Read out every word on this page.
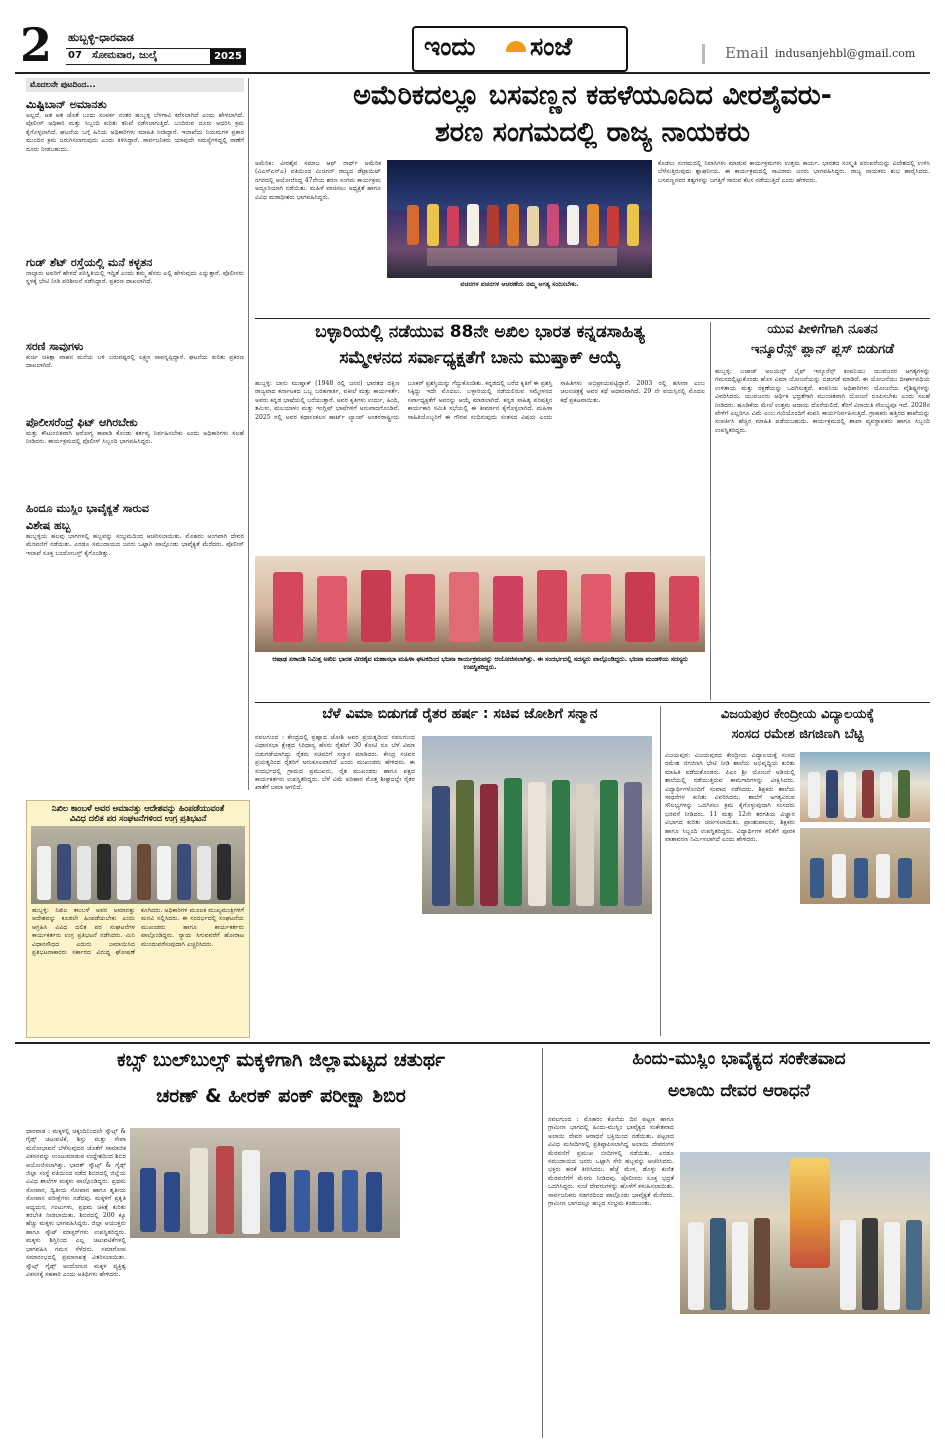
2 ಹುಬ್ಬಳ್ಳಿ-ಧಾರವಾಡ
07 ಸೋಮವಾರ, ಜುಲೈ	2025	ಇಂದು ಸಂಜೆ	Email indusanjehbl@gmail.com
ಮೊದಲನೇ ಪುಟದಿಂದ...
ಮಿಷ್ಟಿಬಾನ್ ಅಮಾನತು
ಅಲ್ಲದೆ, ಆತ ಆತ ಜೊತೆ ಬಂದು ಸಂಪರ್ಕ ನಂತರ ಹುಬ್ಬಳ್ಳಿ ಬೆಳಗಾವಿ ಕರೆಸಲಾಗಿದೆ ಎಂದು ಹೇಳಲಾಗಿದೆ. ಪೊಲೀಸ್ ಅಧಿಕಾರಿ ಮತ್ತು ಸಿಬ್ಬಂದಿ ಕುರಿತು ತನಿಖೆ ನಡೆಸಲಾಗುತ್ತಿದೆ. ಬಂದಿರುವ ದೂರು ಆಧರಿಸಿ ಕ್ರಮ ಕೈಗೊಳ್ಳಲಾಗಿದೆ. ಘಟನೆಯ ಬಗ್ಗೆ ಹಿರಿಯ ಅಧಿಕಾರಿಗಳು ಮಾಹಿತಿ ನೀಡಿದ್ದಾರೆ. ಇಲಾಖೆಯ ನಿಯಮಗಳ ಪ್ರಕಾರ ಮುಂದಿನ ಕ್ರಮ ಜರುಗಿಸಲಾಗುವುದು ಎಂದು ತಿಳಿಸಿದ್ದಾರೆ. ಸಾರ್ವಜನಿಕರು ಯಾವುದೇ ಸಮಸ್ಯೆಗಳಿದ್ದಲ್ಲಿ ಠಾಣೆಗೆ ದೂರು ನೀಡಬಹುದು.
ಗುಡ್ ಶೆಟ್ ರಸ್ತೆಯಲ್ಲಿ ಮನೆ ಕಳ್ಳತನ
ನಾಲ್ಕಾರು ಅವರಿಗೆ ಹೇಳದೆ ಪರಿಸ್ಥಿತಿಯಲ್ಲಿ ಇದ್ದಿತೆ ಎಂದು ತಮ್ಮ ಹೆಸರು ಎಲ್ಲಿ ಹೇಳುವುದು ಎನ್ನುತ್ತಾರೆ. ಪೊಲೀಸರು ಸ್ಥಳಕ್ಕೆ ಭೇಟಿ ನೀಡಿ ಪರಿಶೀಲನೆ ನಡೆಸಿದ್ದಾರೆ. ಪ್ರಕರಣ ದಾಖಲಾಗಿದೆ.
ಸರಣಿ ಸಾವುಗಳು
ಕುರ್ಚಿ ಚಿಕಿತ್ಸಾ ವಾಹನ ಮನೆಯ ಬಳಿ ಬರುವಷ್ಟರಲ್ಲಿ ಲಕ್ಷ್ಮಣ ಸಾವನ್ನಪ್ಪಿದ್ದಾರೆ. ಘಟನೆಯ ಕುರಿತು ಪ್ರಕರಣ ದಾಖಲಾಗಿದೆ.
ಪೊಲೀಸರೆಂದ್ರೆ ಫಿಟ್ ಆಗಿರಬೇಕು
ಮತ್ತು ಕೌಟುಂಬಿಕವಾಗಿ ಆರೋಗ್ಯ ಕಾಪಾಡಿ ಕೊಂಡು ಕರ್ತವ್ಯ ನಿರ್ವಹಿಸಬೇಕು ಎಂದು ಅಧಿಕಾರಿಗಳು ಸಲಹೆ ನೀಡಿದರು. ಕಾರ್ಯಕ್ರಮದಲ್ಲಿ ಪೊಲೀಸ್ ಸಿಬ್ಬಂದಿ ಭಾಗವಹಿಸಿದ್ದರು.
ಹಿಂದೂ ಮುಸ್ಲಿಂ ಭಾವೈಕ್ಯತೆ ಸಾರುವ
ವಿಶೇಷ ಹಬ್ಬ
ಹುಬ್ಬಳ್ಳಿಯ ಹಲವು ಭಾಗಗಳಲ್ಲಿ ಹಬ್ಬವನ್ನು ಸಂಭ್ರಮದಿಂದ ಆಚರಿಸಲಾಯಿತು. ಮೊಹರಂ ಅಂಗವಾಗಿ ದೇವರ ಮೆರವಣಿಗೆ ನಡೆಯಿತು. ಎರಡೂ ಸಮುದಾಯದ ಜನರು ಒಟ್ಟಾಗಿ ಪಾಲ್ಗೊಂಡು ಭಾವೈಕ್ಯತೆ ಮೆರೆದರು. ಪೊಲೀಸ್ ಇಲಾಖೆ ಸೂಕ್ತ ಬಂದೋಬಸ್ತ್ ಕೈಗೊಂಡಿತ್ತು.
ಅಮೆರಿಕದಲ್ಲೂ ಬಸವಣ್ಣನ ಕಹಳೆಯೂದಿದ ವೀರಶೈವರು-
ಶರಣ ಸಂಗಮದಲ್ಲಿ ರಾಜ್ಯ ನಾಯಕರು
ಅಮೆರಿಕ: ವೀರಶೈವ ಸಮಾಜ ಆಫ್ ನಾರ್ಥ್ ಅಮೆರಿಕ (ವಿಎಸ್‌ಎನ್‌ಎ) ವತಿಯಿಂದ ಮಿಚಿಗನ್ ರಾಜ್ಯದ ಡೆಟ್ರಾಯಿಟ್ ನಗರದಲ್ಲಿ ಆಯೋಜಿಸಿದ್ದ 47ನೇಯ ಶರಣ ಸಂಗಮ ಕಾರ್ಯಕ್ರಮ ಅದ್ದೂರಿಯಾಗಿ ನಡೆಯಿತು. ಮಹಿಳೆ ವಾಚಿಸಲು ಅಧ್ಯಕ್ಷತೆ ಹಾಗೂ ವಿವಿಧ ಮಠಾಧೀಶರು ಭಾಗವಹಿಸಿದ್ದರು.
ವಚನಗಳ ವಚನಗಳ ಆಚರಣೆಯ ನಮ್ಮ ಅಗತ್ಯ ಸಂದಿಸಬೇಕು.
ಕೊಡಲು ಸಂಗಮದಲ್ಲಿ ನಿವಾಸಿಗಳು ಮಾಡುವ ಕಾರ್ಯಕ್ರಮಗಳು ಉತ್ತಮ ಕಾರ್ಯ. ಭಾರತದ ಸಂಸ್ಕೃತಿ ಪರಂಪರೆಯನ್ನು ವಿದೇಶದಲ್ಲಿ ಉಳಿಸಿ ಬೆಳೆಸುತ್ತಿರುವುದು ಶ್ಲಾಘನೀಯ. ಈ ಕಾರ್ಯಕ್ರಮದಲ್ಲಿ ಸಾವಿರಾರು ಜನರು ಭಾಗವಹಿಸಿದ್ದರು. ರಾಜ್ಯ ನಾಯಕರು ಶುಭ ಹಾರೈಸಿದರು. ಬಸವಣ್ಣನವರ ತತ್ವಗಳನ್ನು ಜಗತ್ತಿಗೆ ಸಾರುವ ಕೆಲಸ ನಡೆಯುತ್ತಿದೆ ಎಂದು ಹೇಳಿದರು.
ಬಳ್ಳಾರಿಯಲ್ಲಿ ನಡೆಯುವ 88ನೇ ಅಖಿಲ ಭಾರತ ಕನ್ನಡಸಾಹಿತ್ಯ
ಸಮ್ಮೇಳನದ ಸರ್ವಾಧ್ಯಕ್ಷತೆಗೆ ಬಾನು ಮುಷ್ತಾಕ್ ಆಯ್ಕೆ
ಹುಬ್ಬಳ್ಳಿ: ಬಾನು ಮುಷ್ತಾಕ್ (1948 ರಲ್ಲಿ ಜನನ) ಭಾರತದ ದಕ್ಷಿಣ ರಾಜ್ಯವಾದ ಕರ್ನಾಟಕದ ಒಬ್ಬ ಬರಹಗಾರ್ತಿ, ವಕೀಲೆ ಮತ್ತು ಕಾರ್ಯಕರ್ತೆ. ಅವರು ಕನ್ನಡ ಭಾಷೆಯಲ್ಲಿ ಬರೆಯುತ್ತಾರೆ. ಅವರ ಕೃತಿಗಳು ಉರ್ದು, ಹಿಂದಿ, ತಮಿಳು, ಮಲಯಾಳಂ ಮತ್ತು ಇಂಗ್ಲಿಷ್ ಭಾಷೆಗಳಿಗೆ ಅನುವಾದಗೊಂಡಿವೆ. 2025 ರಲ್ಲಿ ಅವರ ಕಥಾಸಂಕಲನ ಹಾರ್ಟ್ ಲ್ಯಾಂಪ್ ಅಂತರರಾಷ್ಟ್ರೀಯ ಬೂಕರ್ ಪ್ರಶಸ್ತಿಯನ್ನು ಗೆದ್ದುಕೊಂಡಿತು. ಕನ್ನಡದಲ್ಲಿ ಬರೆದ ಕೃತಿಗೆ ಈ ಪ್ರಶಸ್ತಿ ಸಿಕ್ಕಿದ್ದು ಇದೇ ಮೊದಲು. ಬಳ್ಳಾರಿಯಲ್ಲಿ ನಡೆಯಲಿರುವ ಸಮ್ಮೇಳನದ ಸರ್ವಾಧ್ಯಕ್ಷತೆಗೆ ಅವರನ್ನು ಆಯ್ಕೆ ಮಾಡಲಾಗಿದೆ. ಕನ್ನಡ ಸಾಹಿತ್ಯ ಪರಿಷತ್ತಿನ ಕಾರ್ಯಕಾರಿ ಸಮಿತಿ ಸಭೆಯಲ್ಲಿ ಈ ತೀರ್ಮಾನ ಕೈಗೊಳ್ಳಲಾಗಿದೆ. ಮಹಿಳಾ ಸಾಹಿತಿಯೊಬ್ಬರಿಗೆ ಈ ಗೌರವ ಸಂದಿರುವುದು ಸಂತಸದ ವಿಷಯ ಎಂದು ಸಾಹಿತಿಗಳು ಅಭಿಪ್ರಾಯಪಟ್ಟಿದ್ದಾರೆ. 2003 ರಲ್ಲಿ ಹಸೀನಾ ಎಂಬ ಚಲನಚಿತ್ರಕ್ಕೆ ಅವರ ಕಥೆ ಆಧಾರವಾಗಿದೆ. 29 ನೇ ವಯಸ್ಸಿನಲ್ಲಿ ಮೊದಲ ಕಥೆ ಪ್ರಕಟವಾಯಿತು.
ಆಷಾಢ ಏಕಾದಶಿ ನಿಮಿತ್ತ ಅಖಿಲ ಭಾರತ ವೀರಶೈವ ಮಹಾಸಭಾ ಮಹಿಳಾ ಘಟಕದಿಂದ ಭಜನಾ ಕಾರ್ಯಕ್ರಮವನ್ನು ಆಯೋಜಿಸಲಾಗಿತ್ತು. ಈ ಸಂದರ್ಭದಲ್ಲಿ ಸದಸ್ಯರು ಪಾಲ್ಗೊಂಡಿದ್ದರು. ಭಜನಾ ಮಂಡಳಿಯ ಸದಸ್ಯರು ಉಪಸ್ಥಿತರಿದ್ದರು.
ಯುವ ಪೀಳಿಗೆಗಾಗಿ ನೂತನ
ಇನ್ಶೂರೆನ್ಸ್ ಪ್ಲಾನ್ ಪ್ಲಸ್ ಬಿಡುಗಡೆ
ಹುಬ್ಬಳ್ಳಿ: ಬಜಾಜ್ ಅಲಯನ್ಸ್ ಲೈಫ್ ಇನ್ಶೂರೆನ್ಸ್ ಕಂಪನಿಯು ಯುವಜನರ ಅಗತ್ಯಗಳನ್ನು ಗಮನದಲ್ಲಿಟ್ಟುಕೊಂಡು ಹೊಸ ವಿಮಾ ಯೋಜನೆಯನ್ನು ಬಿಡುಗಡೆ ಮಾಡಿದೆ. ಈ ಯೋಜನೆಯು ದೀರ್ಘಾವಧಿಯ ಉಳಿತಾಯ ಮತ್ತು ರಕ್ಷಣೆಯನ್ನು ಒದಗಿಸುತ್ತದೆ. ಕಂಪನಿಯ ಅಧಿಕಾರಿಗಳು ಯೋಜನೆಯ ವೈಶಿಷ್ಟ್ಯಗಳನ್ನು ವಿವರಿಸಿದರು. ಯುವಜನರು ಆರ್ಥಿಕ ಭದ್ರತೆಗಾಗಿ ಮುಂಚಿತವಾಗಿ ಯೋಜನೆ ರೂಪಿಸಬೇಕು ಎಂದು ಸಲಹೆ ನೀಡಿದರು. ಹೂಡಿಕೆಯ ಮೇಲೆ ಉತ್ತಮ ಆದಾಯ ದೊರೆಯಲಿದೆ. ತೆರಿಗೆ ವಿನಾಯಿತಿ ಸೌಲಭ್ಯವೂ ಇದೆ. 2028ರ ವೇಳೆಗೆ ಎಲ್ಲರಿಗೂ ವಿಮೆ ಎಂಬ ಗುರಿಯೊಂದಿಗೆ ಕಂಪನಿ ಕಾರ್ಯನಿರ್ವಹಿಸುತ್ತಿದೆ. ಗ್ರಾಹಕರು ಹತ್ತಿರದ ಶಾಖೆಯನ್ನು ಸಂಪರ್ಕಿಸಿ ಹೆಚ್ಚಿನ ಮಾಹಿತಿ ಪಡೆಯಬಹುದು. ಕಾರ್ಯಕ್ರಮದಲ್ಲಿ ಶಾಖಾ ವ್ಯವಸ್ಥಾಪಕರು ಹಾಗೂ ಸಿಬ್ಬಂದಿ ಉಪಸ್ಥಿತರಿದ್ದರು.
ಬೆಳೆ ವಿಮಾ ಬಿಡುಗಡೆ ರೈತರ ಹರ್ಷ : ಸಚಿವ ಜೋಶಿಗೆ ಸನ್ಮಾನ
ನವಲಗುಂದ : ಕೇಂದ್ರದಲ್ಲಿ ಪ್ರಹ್ಲಾದ ಜೋಶಿ ಅವರ ಪ್ರಯತ್ನದಿಂದ ನವಲಗುಂದ ವಿಧಾನಸಭಾ ಕ್ಷೇತ್ರದ ಸಿರಿಧಾನ್ಯ ಹೆಸರು ರೈತರಿಗೆ 30 ಕೋಟಿ ರೂ ಬೆಳೆ ವಿಮಾ ಬಿಡುಗಡೆಯಾಗಿದ್ದು ರೈತರು ಸಚಿವರಿಗೆ ಸನ್ಮಾನ ಮಾಡಿದರು. ಕೇಂದ್ರ ಸಚಿವರ ಪ್ರಯತ್ನದಿಂದ ರೈತರಿಗೆ ಅನುಕೂಲವಾಗಿದೆ ಎಂದು ಮುಖಂಡರು ಹೇಳಿದರು. ಈ ಸಂದರ್ಭದಲ್ಲಿ ಗ್ರಾಮದ ಪ್ರಮುಖರು, ರೈತ ಮುಖಂಡರು ಹಾಗೂ ಪಕ್ಷದ ಕಾರ್ಯಕರ್ತರು ಉಪಸ್ಥಿತರಿದ್ದರು. ಬೆಳೆ ವಿಮೆ ಪರಿಹಾರ ಮೊತ್ತ ಶೀಘ್ರದಲ್ಲೇ ರೈತರ ಖಾತೆಗೆ ಜಮಾ ಆಗಲಿದೆ.
ವಿಜಯಪುರ ಕೇಂದ್ರೀಯ ವಿದ್ಯಾಲಯಕ್ಕೆ
ಸಂಸದ ರಮೇಶ ಜಿಗಜಿಣಗಿ ಬೆಟ್ಟಿ
ವಿಜಯಪುರ: ವಿಜಯಪುರದ ಕೇಂದ್ರೀಯ ವಿದ್ಯಾಲಯಕ್ಕೆ ಸಂಸದ ರಮೇಶ ಜಿಗಜಿಣಗಿ ಭೇಟಿ ನೀಡಿ ಶಾಲೆಯ ಅಭಿವೃದ್ಧಿಯ ಕುರಿತು ಮಾಹಿತಿ ಪಡೆದುಕೊಂಡರು. ಪಿಎಂ ಶ್ರೀ ಯೋಜನೆ ಅಡಿಯಲ್ಲಿ ಶಾಲೆಯಲ್ಲಿ ನಡೆಯುತ್ತಿರುವ ಕಾಮಗಾರಿಗಳನ್ನು ವೀಕ್ಷಿಸಿದರು. ವಿದ್ಯಾರ್ಥಿಗಳೊಂದಿಗೆ ಸಂವಾದ ನಡೆಸಿದರು. ಶಿಕ್ಷಕರು ಶಾಲೆಯ ಸಾಧನೆಗಳ ಕುರಿತು ವಿವರಿಸಿದರು. ಶಾಲೆಗೆ ಅಗತ್ಯವಿರುವ ಸೌಲಭ್ಯಗಳನ್ನು ಒದಗಿಸಲು ಕ್ರಮ ಕೈಗೊಳ್ಳುವುದಾಗಿ ಸಂಸದರು ಭರವಸೆ ನೀಡಿದರು. 11 ಮತ್ತು 12ನೇ ತರಗತಿಯ ವಿಜ್ಞಾನ ವಿಭಾಗದ ಕುರಿತು ಚರ್ಚಿಸಲಾಯಿತು. ಪ್ರಾಂಶುಪಾಲರು, ಶಿಕ್ಷಕರು ಹಾಗೂ ಸಿಬ್ಬಂದಿ ಉಪಸ್ಥಿತರಿದ್ದರು. ವಿದ್ಯಾರ್ಥಿಗಳ ಕಲಿಕೆಗೆ ಪೂರಕ ವಾತಾವರಣ ನಿರ್ಮಿಸಲಾಗಿದೆ ಎಂದು ಹೇಳಿದರು.
ನಿಖಿಲ ಕಾಂಬಳೆ ಅವರ ಅಮಾನತ್ತು ಆದೇಶವನ್ನು ಹಿಂಪಡೆಯುವಂತೆ
ವಿವಿಧ ದಲಿತ ಪರ ಸಂಘಟನೆಗಳಿಂದ ಉಗ್ರ ಪ್ರತಿಭಟನೆ
ಹುಬ್ಬಳ್ಳಿ: ನಿಖಿಲ ಕಾಂಬಳೆ ಅವರ ಅಮಾನತ್ತು ಆದೇಶವನ್ನು ಕೂಡಲೇ ಹಿಂಪಡೆಯಬೇಕು ಎಂದು ಆಗ್ರಹಿಸಿ ವಿವಿಧ ದಲಿತ ಪರ ಸಂಘಟನೆಗಳ ಕಾರ್ಯಕರ್ತರು ಉಗ್ರ ಪ್ರತಿಭಟನೆ ನಡೆಸಿದರು. ಮಿನಿ ವಿಧಾನಸೌಧದ ಎದುರು ಜಮಾಯಿಸಿದ ಪ್ರತಿಭಟನಾಕಾರರು ಸರ್ಕಾರದ ವಿರುದ್ಧ ಘೋಷಣೆ ಕೂಗಿದರು. ಅಧಿಕಾರಿಗಳ ಮೂಲಕ ಮುಖ್ಯಮಂತ್ರಿಗಳಿಗೆ ಮನವಿ ಸಲ್ಲಿಸಿದರು. ಈ ಸಂದರ್ಭದಲ್ಲಿ ಸಂಘಟನೆಯ ಮುಖಂಡರು ಹಾಗೂ ಕಾರ್ಯಕರ್ತರು ಪಾಲ್ಗೊಂಡಿದ್ದರು. ನ್ಯಾಯ ಸಿಗುವವರೆಗೆ ಹೋರಾಟ ಮುಂದುವರೆಸುವುದಾಗಿ ಎಚ್ಚರಿಸಿದರು.
ಕಬ್ಸ್ ಬುಲ್‌ಬುಲ್ಸ್ ಮಕ್ಕಳಿಗಾಗಿ ಜಿಲ್ಲಾಮಟ್ಟದ ಚತುರ್ಥ
ಚರಣ್ & ಹೀರಕ್ ಪಂಕ್ ಪರೀಕ್ಷಾ ಶಿಬಿರ
ಧಾರವಾಡ : ಮಕ್ಕಳಲ್ಲಿ ಚಿಕ್ಕಂದಿನಿಂದಲೇ ಸ್ಕೌಟ್ಸ್ & ಗೈಡ್ಸ್ ಚಟುವಟಿಕೆ, ಶಿಸ್ತು ಮತ್ತು ಸೇವಾ ಮನೋಭಾವನೆ ಬೆಳೆಸುವುದರ ಜೊತೆಗೆ ಸಾಮಾಜಿಕ ವಿಕಸನವನ್ನು ಉಂಟುಮಾಡುವ ಉದ್ದೇಶದಿಂದ ಶಿಬಿರ ಆಯೋಜಿಸಲಾಗಿತ್ತು. ಭಾರತ್ ಸ್ಕೌಟ್ಸ್ & ಗೈಡ್ಸ್ ಜಿಲ್ಲಾ ಸಂಸ್ಥೆ ವತಿಯಿಂದ ನಡೆದ ಶಿಬಿರದಲ್ಲಿ ಜಿಲ್ಲೆಯ ವಿವಿಧ ಶಾಲೆಗಳ ಮಕ್ಕಳು ಪಾಲ್ಗೊಂಡಿದ್ದರು. ಪ್ರಥಮ ಸೋಪಾನ, ದ್ವಿತೀಯ ಸೋಪಾನ ಹಾಗೂ ತೃತೀಯ ಸೋಪಾನ ಪರೀಕ್ಷೆಗಳು ನಡೆದವು. ಮಕ್ಕಳಿಗೆ ಪ್ರಕೃತಿ ಅಧ್ಯಯನ, ಗಂಟುಗಳು, ಪ್ರಥಮ ಚಿಕಿತ್ಸೆ ಕುರಿತು ತರಬೇತಿ ನೀಡಲಾಯಿತು. ಶಿಬಿರದಲ್ಲಿ 200 ಕ್ಕೂ ಹೆಚ್ಚು ಮಕ್ಕಳು ಭಾಗವಹಿಸಿದ್ದರು. ಜಿಲ್ಲಾ ಆಯುಕ್ತರು ಹಾಗೂ ಸ್ಕೌಟ್ ಮಾಸ್ಟರ್‌ಗಳು ಉಪಸ್ಥಿತರಿದ್ದರು. ಮಕ್ಕಳು ಶಿಸ್ತಿನಿಂದ ಎಲ್ಲ ಚಟುವಟಿಕೆಗಳಲ್ಲಿ ಭಾಗವಹಿಸಿ ಗಮನ ಸೆಳೆದರು. ಸಮಾರೋಪ ಸಮಾರಂಭದಲ್ಲಿ ಪ್ರಮಾಣಪತ್ರ ವಿತರಿಸಲಾಯಿತು. ಸ್ಕೌಟ್ಸ್ ಗೈಡ್ಸ್ ಆಂದೋಲನ ಮಕ್ಕಳ ವ್ಯಕ್ತಿತ್ವ ವಿಕಸನಕ್ಕೆ ಸಹಕಾರಿ ಎಂದು ಅತಿಥಿಗಳು ಹೇಳಿದರು.
ಹಿಂದು-ಮುಸ್ಲಿಂ ಭಾವೈಕ್ಯದ ಸಂಕೇತವಾದ
ಅಲಾಯಿ ದೇವರ ಆರಾಧನೆ
ನವಲಗುಂದ : ಮೊಹರಂ ಕೊನೆಯ ದಿನ ಪಟ್ಟಣ ಹಾಗೂ ಗ್ರಾಮೀಣ ಭಾಗದಲ್ಲಿ ಹಿಂದು-ಮುಸ್ಲಿಂ ಭಾವೈಕ್ಯದ ಸಂಕೇತವಾದ ಅಲಾಯಿ ದೇವರ ಆರಾಧನೆ ಭಕ್ತಿಯಿಂದ ನಡೆಯಿತು. ಪಟ್ಟಣದ ವಿವಿಧ ಮಸೀದಿಗಳಲ್ಲಿ ಪ್ರತಿಷ್ಠಾಪಿಸಲಾಗಿದ್ದ ಅಲಾಯಿ ದೇವರುಗಳ ಮೆರವಣಿಗೆ ಪ್ರಮುಖ ಬೀದಿಗಳಲ್ಲಿ ನಡೆಯಿತು. ಎರಡೂ ಸಮುದಾಯದ ಜನರು ಒಟ್ಟಾಗಿ ಸೇರಿ ಹಬ್ಬವನ್ನು ಆಚರಿಸಿದರು. ಭಕ್ತರು ಹರಕೆ ತೀರಿಸಿದರು. ಹೆಜ್ಜೆ ಮೇಳ, ಡೊಳ್ಳು ಕುಣಿತ ಮೆರವಣಿಗೆಗೆ ಮೆರಗು ನೀಡಿದವು. ಪೊಲೀಸರು ಸೂಕ್ತ ಭದ್ರತೆ ಒದಗಿಸಿದ್ದರು. ಸಂಜೆ ದೇವರುಗಳನ್ನು ಹೊಳೆಗೆ ಕಳುಹಿಸಲಾಯಿತು. ಸಾರ್ವಜನಿಕರು ಸಡಗರದಿಂದ ಪಾಲ್ಗೊಂಡು ಭಾವೈಕ್ಯತೆ ಮೆರೆದರು. ಗ್ರಾಮೀಣ ಭಾಗದಲ್ಲೂ ಹಬ್ಬದ ಸಂಭ್ರಮ ಕಂಡುಬಂತು.
